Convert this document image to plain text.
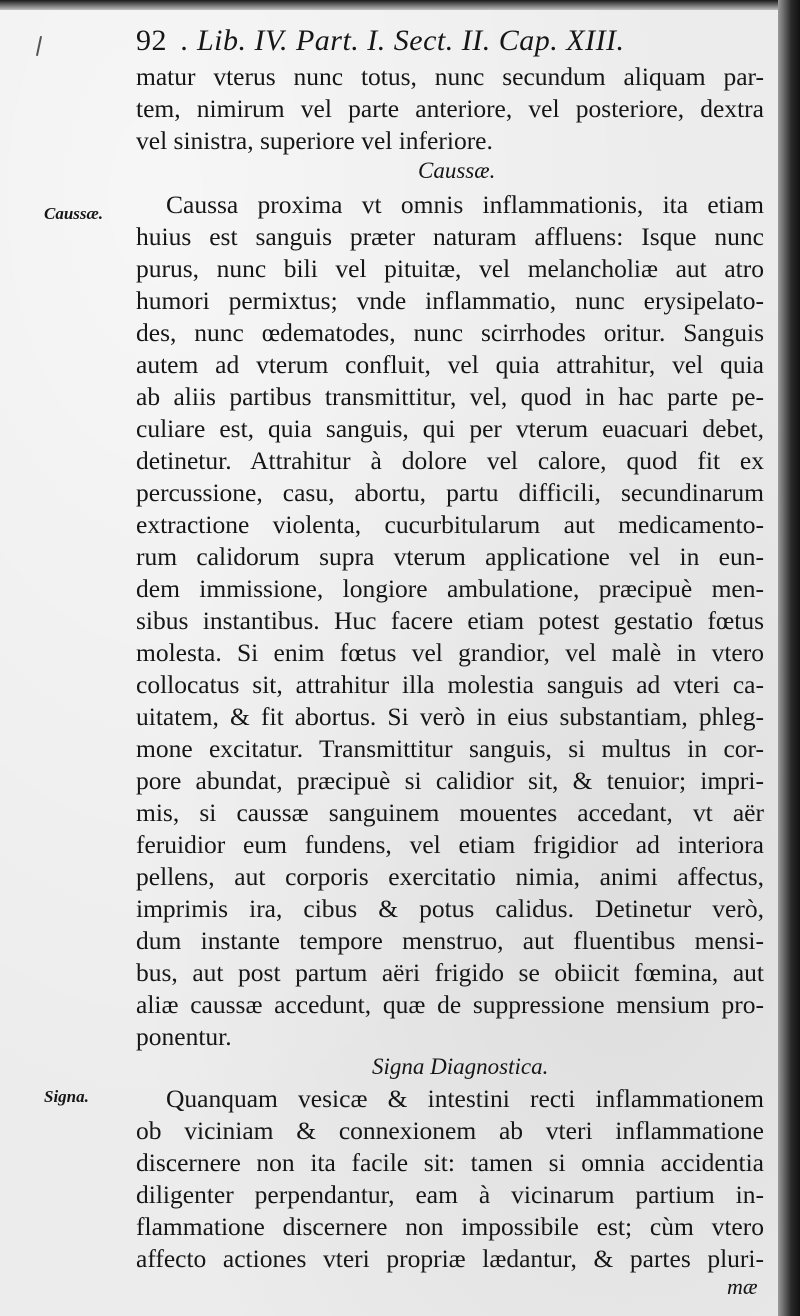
92 . Lib. IV. Part. I. Sect. II. Cap. XIII.
matur vterus nunc totus, nunc secundum aliquam par-
tem, nimirum vel parte anteriore, vel posteriore, dextra
vel sinistra, superiore vel inferiore.
Caussæ.
Caussæ.	Caussa proxima vt omnis inflammationis, ita etiam
huius est sanguis præter naturam affluens: Isque nunc
purus, nunc bili vel pituitæ, vel melancholiæ aut atro
humori permixtus; vnde inflammatio, nunc erysipelato-
des, nunc œdematodes, nunc scirrhodes oritur. Sanguis
autem ad vterum confluit, vel quia attrahitur, vel quia
ab aliis partibus transmittitur, vel, quod in hac parte pe-
culiare est, quia sanguis, qui per vterum euacuari debet,
detinetur. Attrahitur à dolore vel calore, quod fit ex
percussione, casu, abortu, partu difficili, secundinarum
extractione violenta, cucurbitularum aut medicamento-
rum calidorum supra vterum applicatione vel in eun-
dem immissione, longiore ambulatione, præcipuè men-
sibus instantibus. Huc facere etiam potest gestatio fœtus
molesta. Si enim fœtus vel grandior, vel malè in vtero
collocatus sit, attrahitur illa molestia sanguis ad vteri ca-
uitatem, & fit abortus. Si verò in eius substantiam, phleg-
mone excitatur. Transmittitur sanguis, si multus in cor-
pore abundat, præcipuè si calidior sit, & tenuior; impri-
mis, si caussæ sanguinem mouentes accedant, vt aër
feruidior eum fundens, vel etiam frigidior ad interiora
pellens, aut corporis exercitatio nimia, animi affectus,
imprimis ira, cibus & potus calidus. Detinetur verò,
dum instante tempore menstruo, aut fluentibus mensi-
bus, aut post partum aëri frigido se obiicit fœmina, aut
aliæ caussæ accedunt, quæ de suppressione mensium pro-
ponentur.
Signa Diagnostica.
Signa.	Quanquam vesicæ & intestini recti inflammationem
ob viciniam & connexionem ab vteri inflammatione
discernere non ita facile sit: tamen si omnia accidentia
diligenter perpendantur, eam à vicinarum partium in-
flammatione discernere non impossibile est; cùm vtero
affecto actiones vteri propriæ lædantur, & partes pluri-
mæ
